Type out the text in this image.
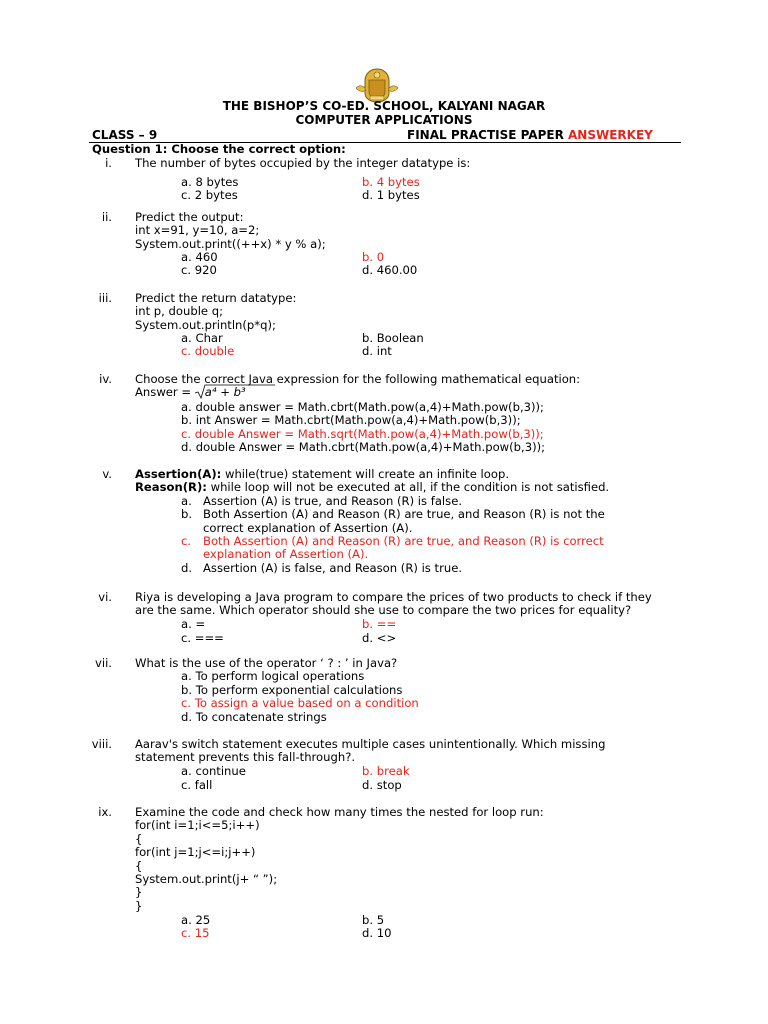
THE BISHOP’S CO-ED. SCHOOL, KALYANI NAGAR
COMPUTER APPLICATIONS
CLASS – 9	FINAL PRACTISE PAPER ANSWERKEY
Question 1: Choose the correct option:
i. The number of bytes occupied by the integer datatype is:
a. 8 bytes	b. 4 bytes
c. 2 bytes	d. 1 bytes
ii. Predict the output:
int x=91, y=10, a=2;
System.out.print((++x) * y % a);
a. 460	b. 0
c. 920	d. 460.00
iii. Predict the return datatype:
int p, double q;
System.out.println(p*q);
a. Char	b. Boolean
c. double	d. int
iv. Choose the correct Java expression for the following mathematical equation:
Answer =
a⁴ + b³
a. double answer = Math.cbrt(Math.pow(a,4)+Math.pow(b,3));
b. int Answer = Math.cbrt(Math.pow(a,4)+Math.pow(b,3));
c. double Answer = Math.sqrt(Math.pow(a,4)+Math.pow(b,3));
d. double Answer = Math.cbrt(Math.pow(a,4)+Math.pow(b,3));
v. Assertion(A): while(true) statement will create an infinite loop.
Reason(R): while loop will not be executed at all, if the condition is not satisfied.
a. Assertion (A) is true, and Reason (R) is false.
b. Both Assertion (A) and Reason (R) are true, and Reason (R) is not the
correct explanation of Assertion (A).
c. Both Assertion (A) and Reason (R) are true, and Reason (R) is correct
explanation of Assertion (A).
d. Assertion (A) is false, and Reason (R) is true.
vi. Riya is developing a Java program to compare the prices of two products to check if they
are the same. Which operator should she use to compare the two prices for equality?
a. =	b. ==
c. ===	d. <>
vii. What is the use of the operator ‘ ? : ’ in Java?
a. To perform logical operations
b. To perform exponential calculations
c. To assign a value based on a condition
d. To concatenate strings
viii. Aarav's switch statement executes multiple cases unintentionally. Which missing
statement prevents this fall-through?.
a. continue	b. break
c. fall	d. stop
ix. Examine the code and check how many times the nested for loop run:
for(int i=1;i<=5;i++)
{
for(int j=1;j<=i;j++)
{
System.out.print(j+ “ ”);
}
}
a. 25	b. 5
c. 15	d. 10
